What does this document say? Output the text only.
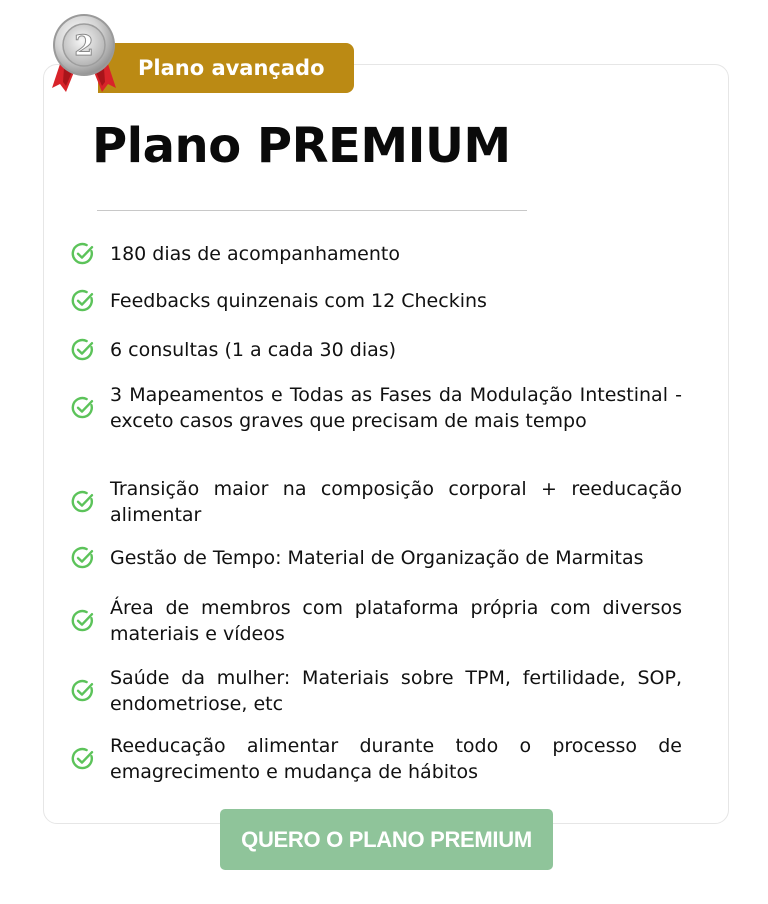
Plano avançado
2
Plano PREMIUM
180 dias de acompanhamento
Feedbacks quinzenais com 12 Checkins
6 consultas (1 a cada 30 dias)
3 Mapeamentos e Todas as Fases da Modulação Intestinal - exceto casos graves que precisam de mais tempo
Transição maior na composição corporal + reeducação alimentar
Gestão de Tempo: Material de Organização de Marmitas
Área de membros com plataforma própria com diversos materiais e vídeos
Saúde da mulher: Materiais sobre TPM, fertilidade, SOP, endometriose, etc
Reeducação alimentar durante todo o processo de emagrecimento e mudança de hábitos
QUERO O PLANO PREMIUM
